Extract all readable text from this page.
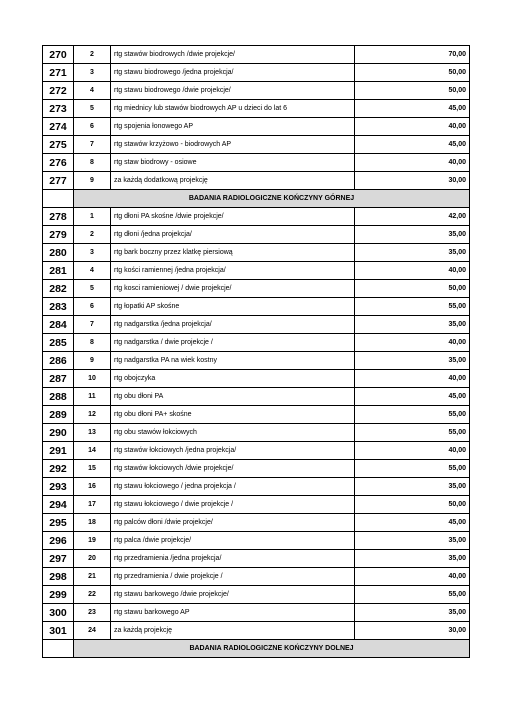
270	2	rtg stawów biodrowych /dwie projekcje/	70,00
271	3	rtg stawu biodrowego /jedna projekcja/	50,00
272	4	rtg stawu biodrowego /dwie projekcje/	50,00
273	5	rtg miednicy lub stawów biodrowych AP u dzieci do lat 6	45,00
274	6	rtg spojenia łonowego AP	40,00
275	7	rtg stawów krzyżowo - biodrowych AP	45,00
276	8	rtg staw biodrowy - osiowe	40,00
277	9	za każdą dodatkową projekcję	30,00
	BADANIA RADIOLOGICZNE KOŃCZYNY GÓRNEJ		
278	1	rtg dłoni PA skośne /dwie projekcje/	42,00
279	2	rtg dłoni /jedna projekcja/	35,00
280	3	rtg bark boczny przez klatkę piersiową	35,00
281	4	rtg kości ramiennej /jedna projekcja/	40,00
282	5	rtg kosci ramieniowej / dwie projekcje/	50,00
283	6	rtg łopatki AP skośne	55,00
284	7	rtg nadgarstka /jedna projekcja/	35,00
285	8	rtg nadgarstka / dwie projekcje /	40,00
286	9	rtg nadgarstka PA na wiek kostny	35,00
287	10	rtg obojczyka	40,00
288	11	rtg obu dłoni PA	45,00
289	12	rtg obu dłoni PA+ skośne	55,00
290	13	rtg obu stawów łokciowych	55,00
291	14	rtg stawów łokciowych /jedna projekcja/	40,00
292	15	rtg stawów łokciowych /dwie projekcje/	55,00
293	16	rtg stawu łokciowego / jedna projekcja /	35,00
294	17	rtg stawu łokciowego / dwie projekcje /	50,00
295	18	rtg palców dłoni /dwie projekcje/	45,00
296	19	rtg palca /dwie projekcje/	35,00
297	20	rtg przedramienia /jedna projekcja/	35,00
298	21	rtg przedramienia / dwie projekcje /	40,00
299	22	rtg stawu barkowego /dwie projekcje/	55,00
300	23	rtg stawu barkowego AP	35,00
301	24	za każdą projekcję	30,00
	BADANIA RADIOLOGICZNE KOŃCZYNY DOLNEJ		
